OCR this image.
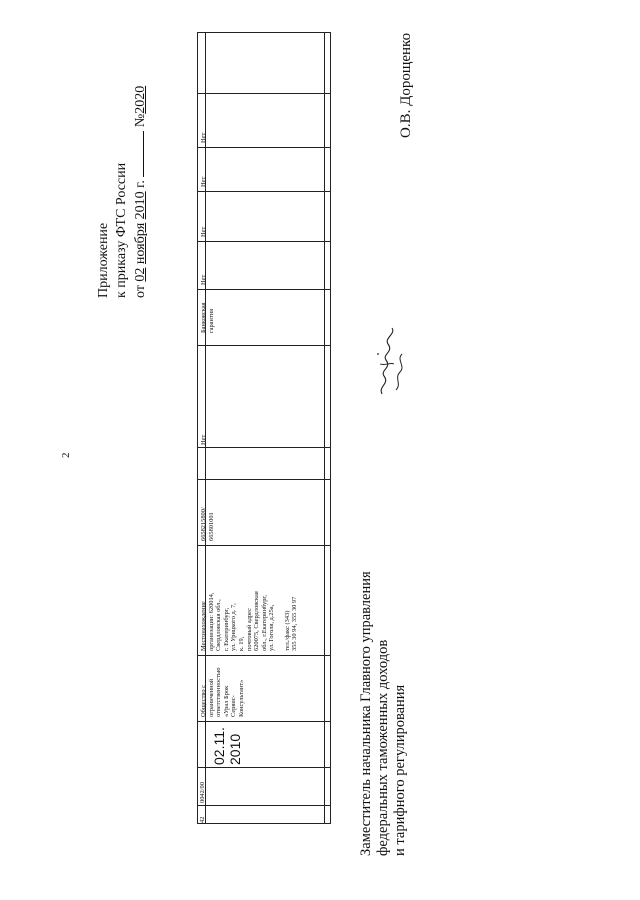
2
Приложение к приказу ФТС России от 02 ноября 2010 г.  №2020
42
0042/00
02.11. 2010
Общество с ограниченной ответственностью «Урал Брок Сервис- Консультант»
Местонахождение организации: 620014, Свердловская обл., г. Екатеринбург, ул. Урицкого д. 7, к. 19, почтовый адрес 620075, Свердловская обл., г.Екатеринбург, ул. Гоголя, д.25а,
тел./факс (343) 355 30 94, 355 30 97
6658215800/ 665801001
Нет
Банковская гарантия
Нет
Нет
Нет
Нет
Заместитель начальника Главного управления федеральных таможенных доходов и тарифного регулирования
О.В. Дорощенко
